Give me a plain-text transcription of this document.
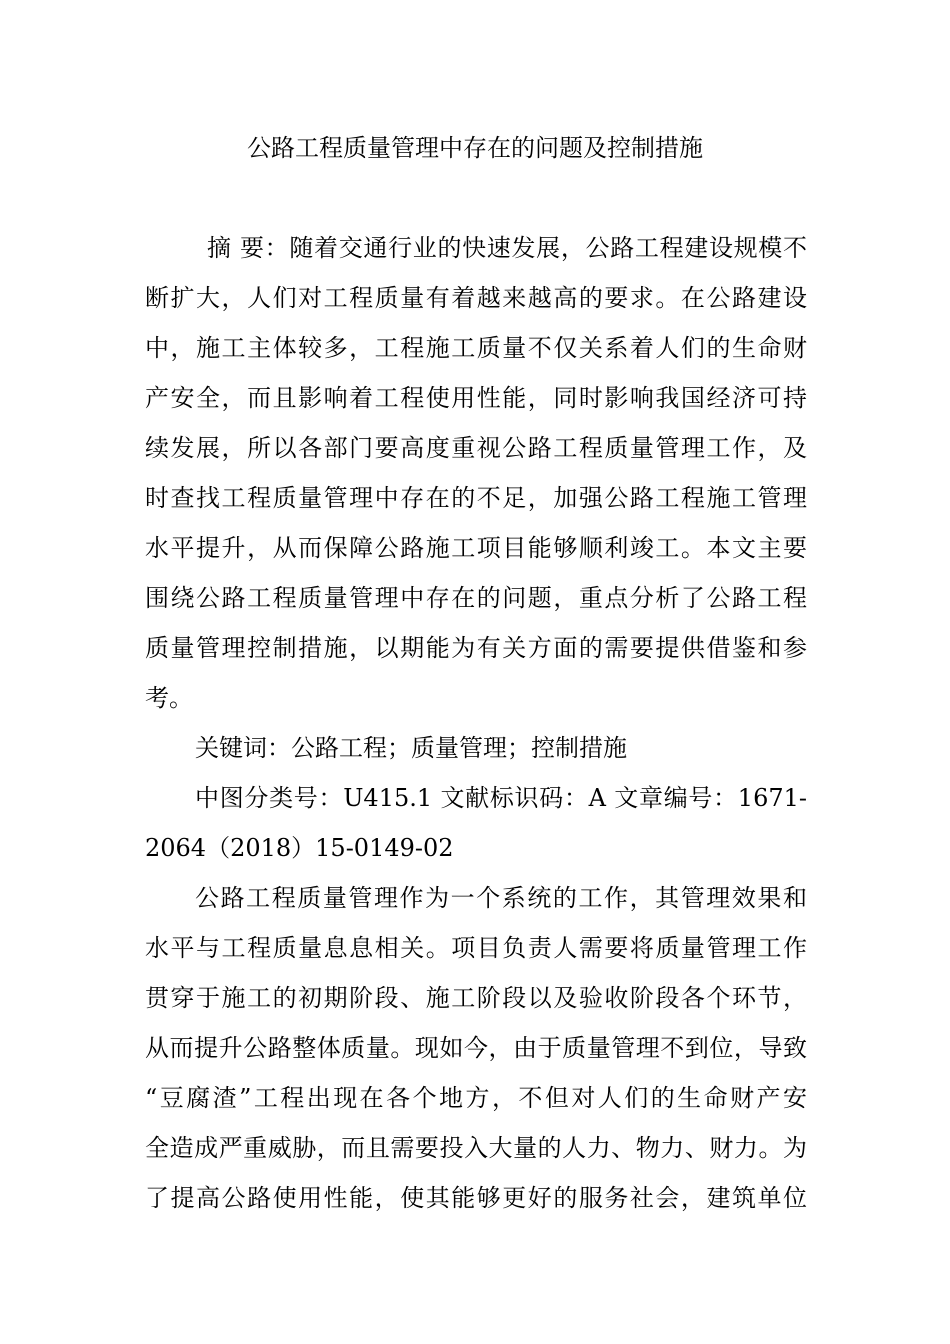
公路工程质量管理中存在的问题及控制措施
摘 要：随着交通行业的快速发展，公路工程建设规模不
断扩大，人们对工程质量有着越来越高的要求。在公路建设
中，施工主体较多，工程施工质量不仅关系着人们的生命财
产安全，而且影响着工程使用性能，同时影响我国经济可持
续发展，所以各部门要高度重视公路工程质量管理工作，及
时查找工程质量管理中存在的不足，加强公路工程施工管理
水平提升，从而保障公路施工项目能够顺利竣工。本文主要
围绕公路工程质量管理中存在的问题，重点分析了公路工程
质量管理控制措施，以期能为有关方面的需要提供借鉴和参
考。
关键词：公路工程；质量管理；控制措施
中图分类号：U415.1 文献标识码：A 文章编号：1671-
2064（2018）15-0149-02
公路工程质量管理作为一个系统的工作，其管理效果和
水平与工程质量息息相关。项目负责人需要将质量管理工作
贯穿于施工的初期阶段、施工阶段以及验收阶段各个环节，
从而提升公路整体质量。现如今，由于质量管理不到位，导致
“豆腐渣”工程出现在各个地方，不但对人们的生命财产安
全造成严重威胁，而且需要投入大量的人力、物力、财力。为
了提高公路使用性能，使其能够更好的服务社会，建筑单位
